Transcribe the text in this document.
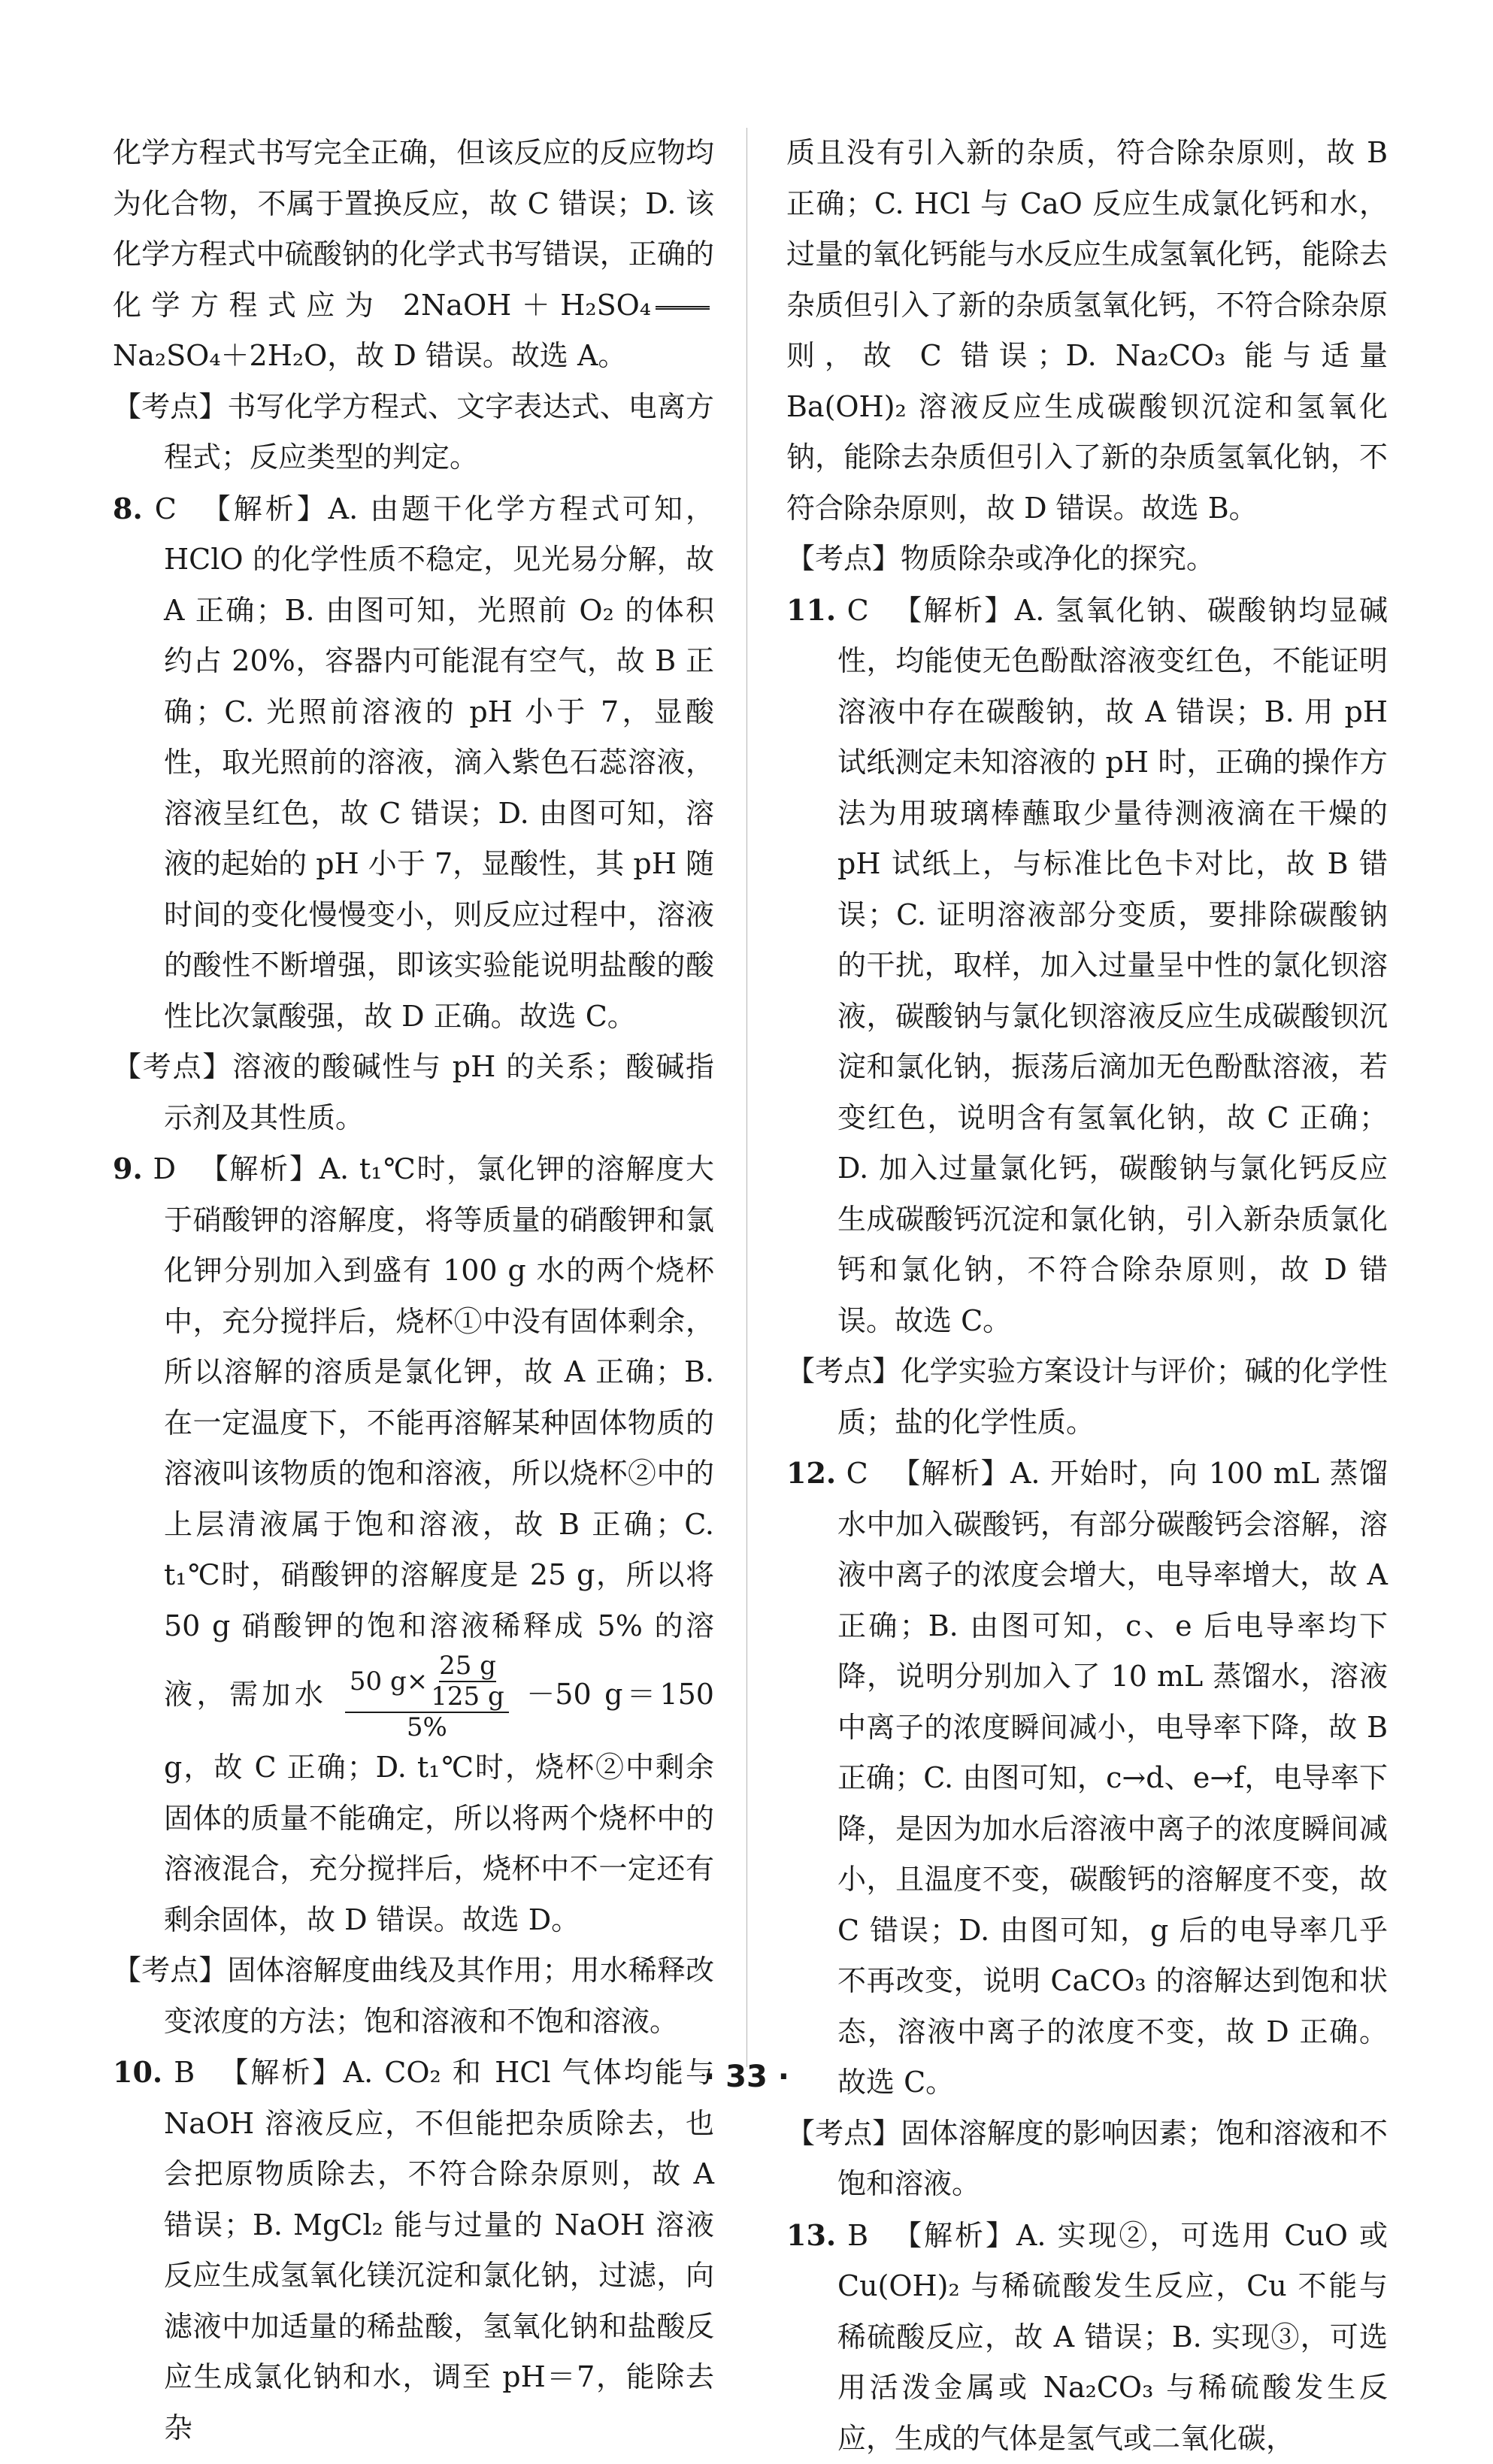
化学方程式书写完全正确，但该反应的反应物均为化合物，不属于置换反应，故 C 错误；D. 该化学方程式中硫酸钠的化学式书写错误，正确的化学方程式应为 2NaOH＋H₂SO₄Na₂SO₄＋2H₂O，故 D 错误。故选 A。

【考点】书写化学方程式、文字表达式、电离方程式；反应类型的判定。

8. C 【解析】A. 由题干化学方程式可知，HClO 的化学性质不稳定，见光易分解，故 A 正确；B. 由图可知，光照前 O₂ 的体积约占 20%，容器内可能混有空气，故 B 正确；C. 光照前溶液的 pH 小于 7，显酸性，取光照前的溶液，滴入紫色石蕊溶液，溶液呈红色，故 C 错误；D. 由图可知，溶液的起始的 pH 小于 7，显酸性，其 pH 随时间的变化慢慢变小，则反应过程中，溶液的酸性不断增强，即该实验能说明盐酸的酸性比次氯酸强，故 D 正确。故选 C。

【考点】溶液的酸碱性与 pH 的关系；酸碱指示剂及其性质。

9. D 【解析】A. t₁℃时，氯化钾的溶解度大于硝酸钾的溶解度，将等质量的硝酸钾和氯化钾分别加入到盛有 100 g 水的两个烧杯中，充分搅拌后，烧杯①中没有固体剩余，所以溶解的溶质是氯化钾，故 A 正确；B. 在一定温度下，不能再溶解某种固体物质的溶液叫该物质的饱和溶液，所以烧杯②中的上层清液属于饱和溶液，故 B 正确；C. t₁℃时，硝酸钾的溶解度是 25 g，所以将 50 g 硝酸钾的饱和溶液稀释成 5% 的溶液，需加水 $\frac{50 g\times \frac{25 g}{125 g}}{5\%} -50$ g＝150 g，故 C 正确；D. t₁℃时，烧杯②中剩余固体的质量不能确定，所以将两个烧杯中的溶液混合，充分搅拌后，烧杯中不一定还有剩余固体，故 D 错误。故选 D。

【考点】固体溶解度曲线及其作用；用水稀释改变浓度的方法；饱和溶液和不饱和溶液。

10. B 【解析】A. CO₂ 和 HCl 气体均能与 NaOH 溶液反应，不但能把杂质除去，也会把原物质除去，不符合除杂原则，故 A 错误；B. MgCl₂ 能与过量的 NaOH 溶液反应生成氢氧化镁沉淀和氯化钠，过滤，向滤液中加适量的稀盐酸，氢氧化钠和盐酸反应生成氯化钠和水，调至 pH＝7，能除去杂

质且没有引入新的杂质，符合除杂原则，故 B 正确；C. HCl 与 CaO 反应生成氯化钙和水，过量的氧化钙能与水反应生成氢氧化钙，能除去杂质但引入了新的杂质氢氧化钙，不符合除杂原则，故 C 错误；D. Na₂CO₃ 能与适量 Ba(OH)₂ 溶液反应生成碳酸钡沉淀和氢氧化钠，能除去杂质但引入了新的杂质氢氧化钠，不符合除杂原则，故 D 错误。故选 B。

【考点】物质除杂或净化的探究。

11. C 【解析】A. 氢氧化钠、碳酸钠均显碱性，均能使无色酚酞溶液变红色，不能证明溶液中存在碳酸钠，故 A 错误；B. 用 pH 试纸测定未知溶液的 pH 时，正确的操作方法为用玻璃棒蘸取少量待测液滴在干燥的 pH 试纸上，与标准比色卡对比，故 B 错误；C. 证明溶液部分变质，要排除碳酸钠的干扰，取样，加入过量呈中性的氯化钡溶液，碳酸钠与氯化钡溶液反应生成碳酸钡沉淀和氯化钠，振荡后滴加无色酚酞溶液，若变红色，说明含有氢氧化钠，故 C 正确；D. 加入过量氯化钙，碳酸钠与氯化钙反应生成碳酸钙沉淀和氯化钠，引入新杂质氯化钙和氯化钠，不符合除杂原则，故 D 错误。故选 C。

【考点】化学实验方案设计与评价；碱的化学性质；盐的化学性质。

12. C 【解析】A. 开始时，向 100 mL 蒸馏水中加入碳酸钙，有部分碳酸钙会溶解，溶液中离子的浓度会增大，电导率增大，故 A 正确；B. 由图可知，c、e 后电导率均下降，说明分别加入了 10 mL 蒸馏水，溶液中离子的浓度瞬间减小，电导率下降，故 B 正确；C. 由图可知，c→d、e→f，电导率下降，是因为加水后溶液中离子的浓度瞬间减小，且温度不变，碳酸钙的溶解度不变，故 C 错误；D. 由图可知，g 后的电导率几乎不再改变，说明 CaCO₃ 的溶解达到饱和状态，溶液中离子的浓度不变，故 D 正确。故选 C。

【考点】固体溶解度的影响因素；饱和溶液和不饱和溶液。

13. B 【解析】A. 实现②，可选用 CuO 或 Cu(OH)₂ 与稀硫酸发生反应，Cu 不能与稀硫酸反应，故 A 错误；B. 实现③，可选用活泼金属或 Na₂CO₃ 与稀硫酸发生反应，生成的气体是氢气或二氧化碳，

· 33 ·
